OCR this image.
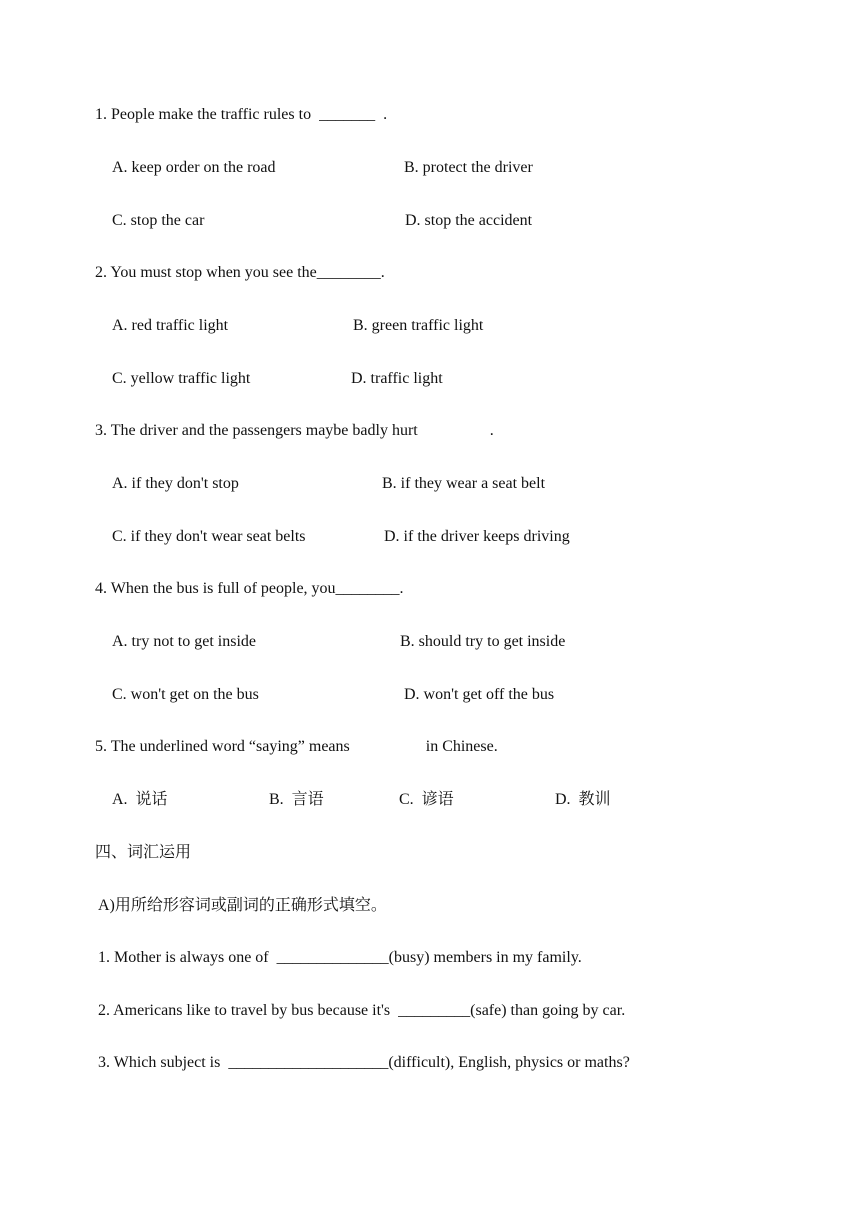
1. People make the traffic rules to  _______  .
A. keep order on the road	B. protect the driver
C. stop the car	D. stop the accident
2. You must stop when you see the________.
A. red traffic light	B. green traffic light
C. yellow traffic light	D. traffic light
3. The driver and the passengers maybe badly hurt                  .
A. if they don't stop	B. if they wear a seat belt
C. if they don't wear seat belts	D. if the driver keeps driving
4. When the bus is full of people, you________.
A. try not to get inside	B. should try to get inside
C. won't get on the bus	D. won't get off the bus
5. The underlined word “saying” means                   in Chinese.
A.  说话	B.  言语	C.  谚语	D.  教训
四、词汇运用
A)用所给形容词或副词的正确形式填空。
1. Mother is always one of  ______________(busy) members in my family.
2. Americans like to travel by bus because it's  _________(safe) than going by car.
3. Which subject is  ____________________(difficult), English, physics or maths?
